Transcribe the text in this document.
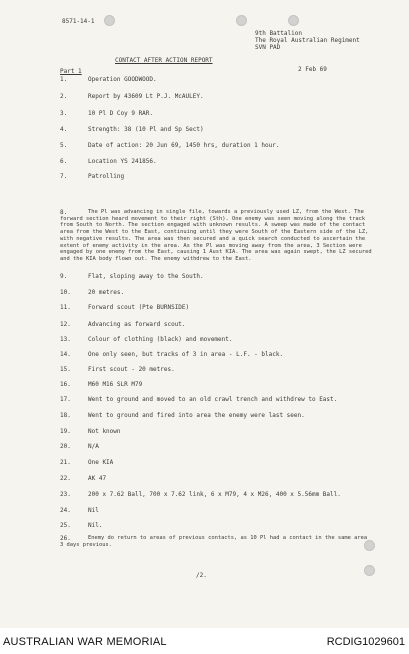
8571-14-1
9th Battalion
The Royal Australian Regiment
SVN PAD
CONTACT AFTER ACTION REPORT
2 Feb 69
Part 1
1.	Operation GOODWOOD.
2.	Report by 43609 Lt P.J. McAULEY.
3.	10 Pl D Coy 9 RAR.
4.	Strength: 38 (10 Pl and Sp Sect)
5.	Date of action: 20 Jun 69, 1450 hrs, duration 1 hour.
6.	Location YS 241856.
7.	Patrolling
8.	The Pl was advancing in single file, towards a previously used LZ, from the West. The forward section heard movement to their right (Sth). One enemy was seen moving along the track from South to North. The section engaged with unknown results. A sweep was made of the contact area from the West to the East, continuing until they were South of the Eastern side of the LZ, with negative results. The area was then secured and a quick search conducted to ascertain the extent of enemy activity in the area. As the Pl was moving away from the area, 3 Section were engaged by one enemy from the East, causing 1 Aust KIA. The area was again swept, the LZ secured and the KIA body flown out. The enemy withdrew to the East.
9.	Flat, sloping away to the South.
10.	20 metres.
11.	Forward scout (Pte BURNSIDE)
12.	Advancing as forward scout.
13.	Colour of clothing (black) and movement.
14.	One only seen, but tracks of 3 in area - L.F. - black.
15.	First scout - 20 metres.
16.	M60 M16 SLR M79
17.	Went to ground and moved to an old crawl trench and withdrew to East.
18.	Went to ground and fired into area the enemy were last seen.
19.	Not known
20.	N/A
21.	One KIA
22.	AK 47
23.	200 x 7.62 Ball, 700 x 7.62 link, 6 x M79, 4 x M26, 400 x 5.56mm Ball.
24.	Nil
25.	Nil.
26.	Enemy do return to areas of previous contacts, as 10 Pl had a contact in the same area 3 days previous.
/2.
AUSTRALIAN WAR MEMORIAL	RCDIG1029601
